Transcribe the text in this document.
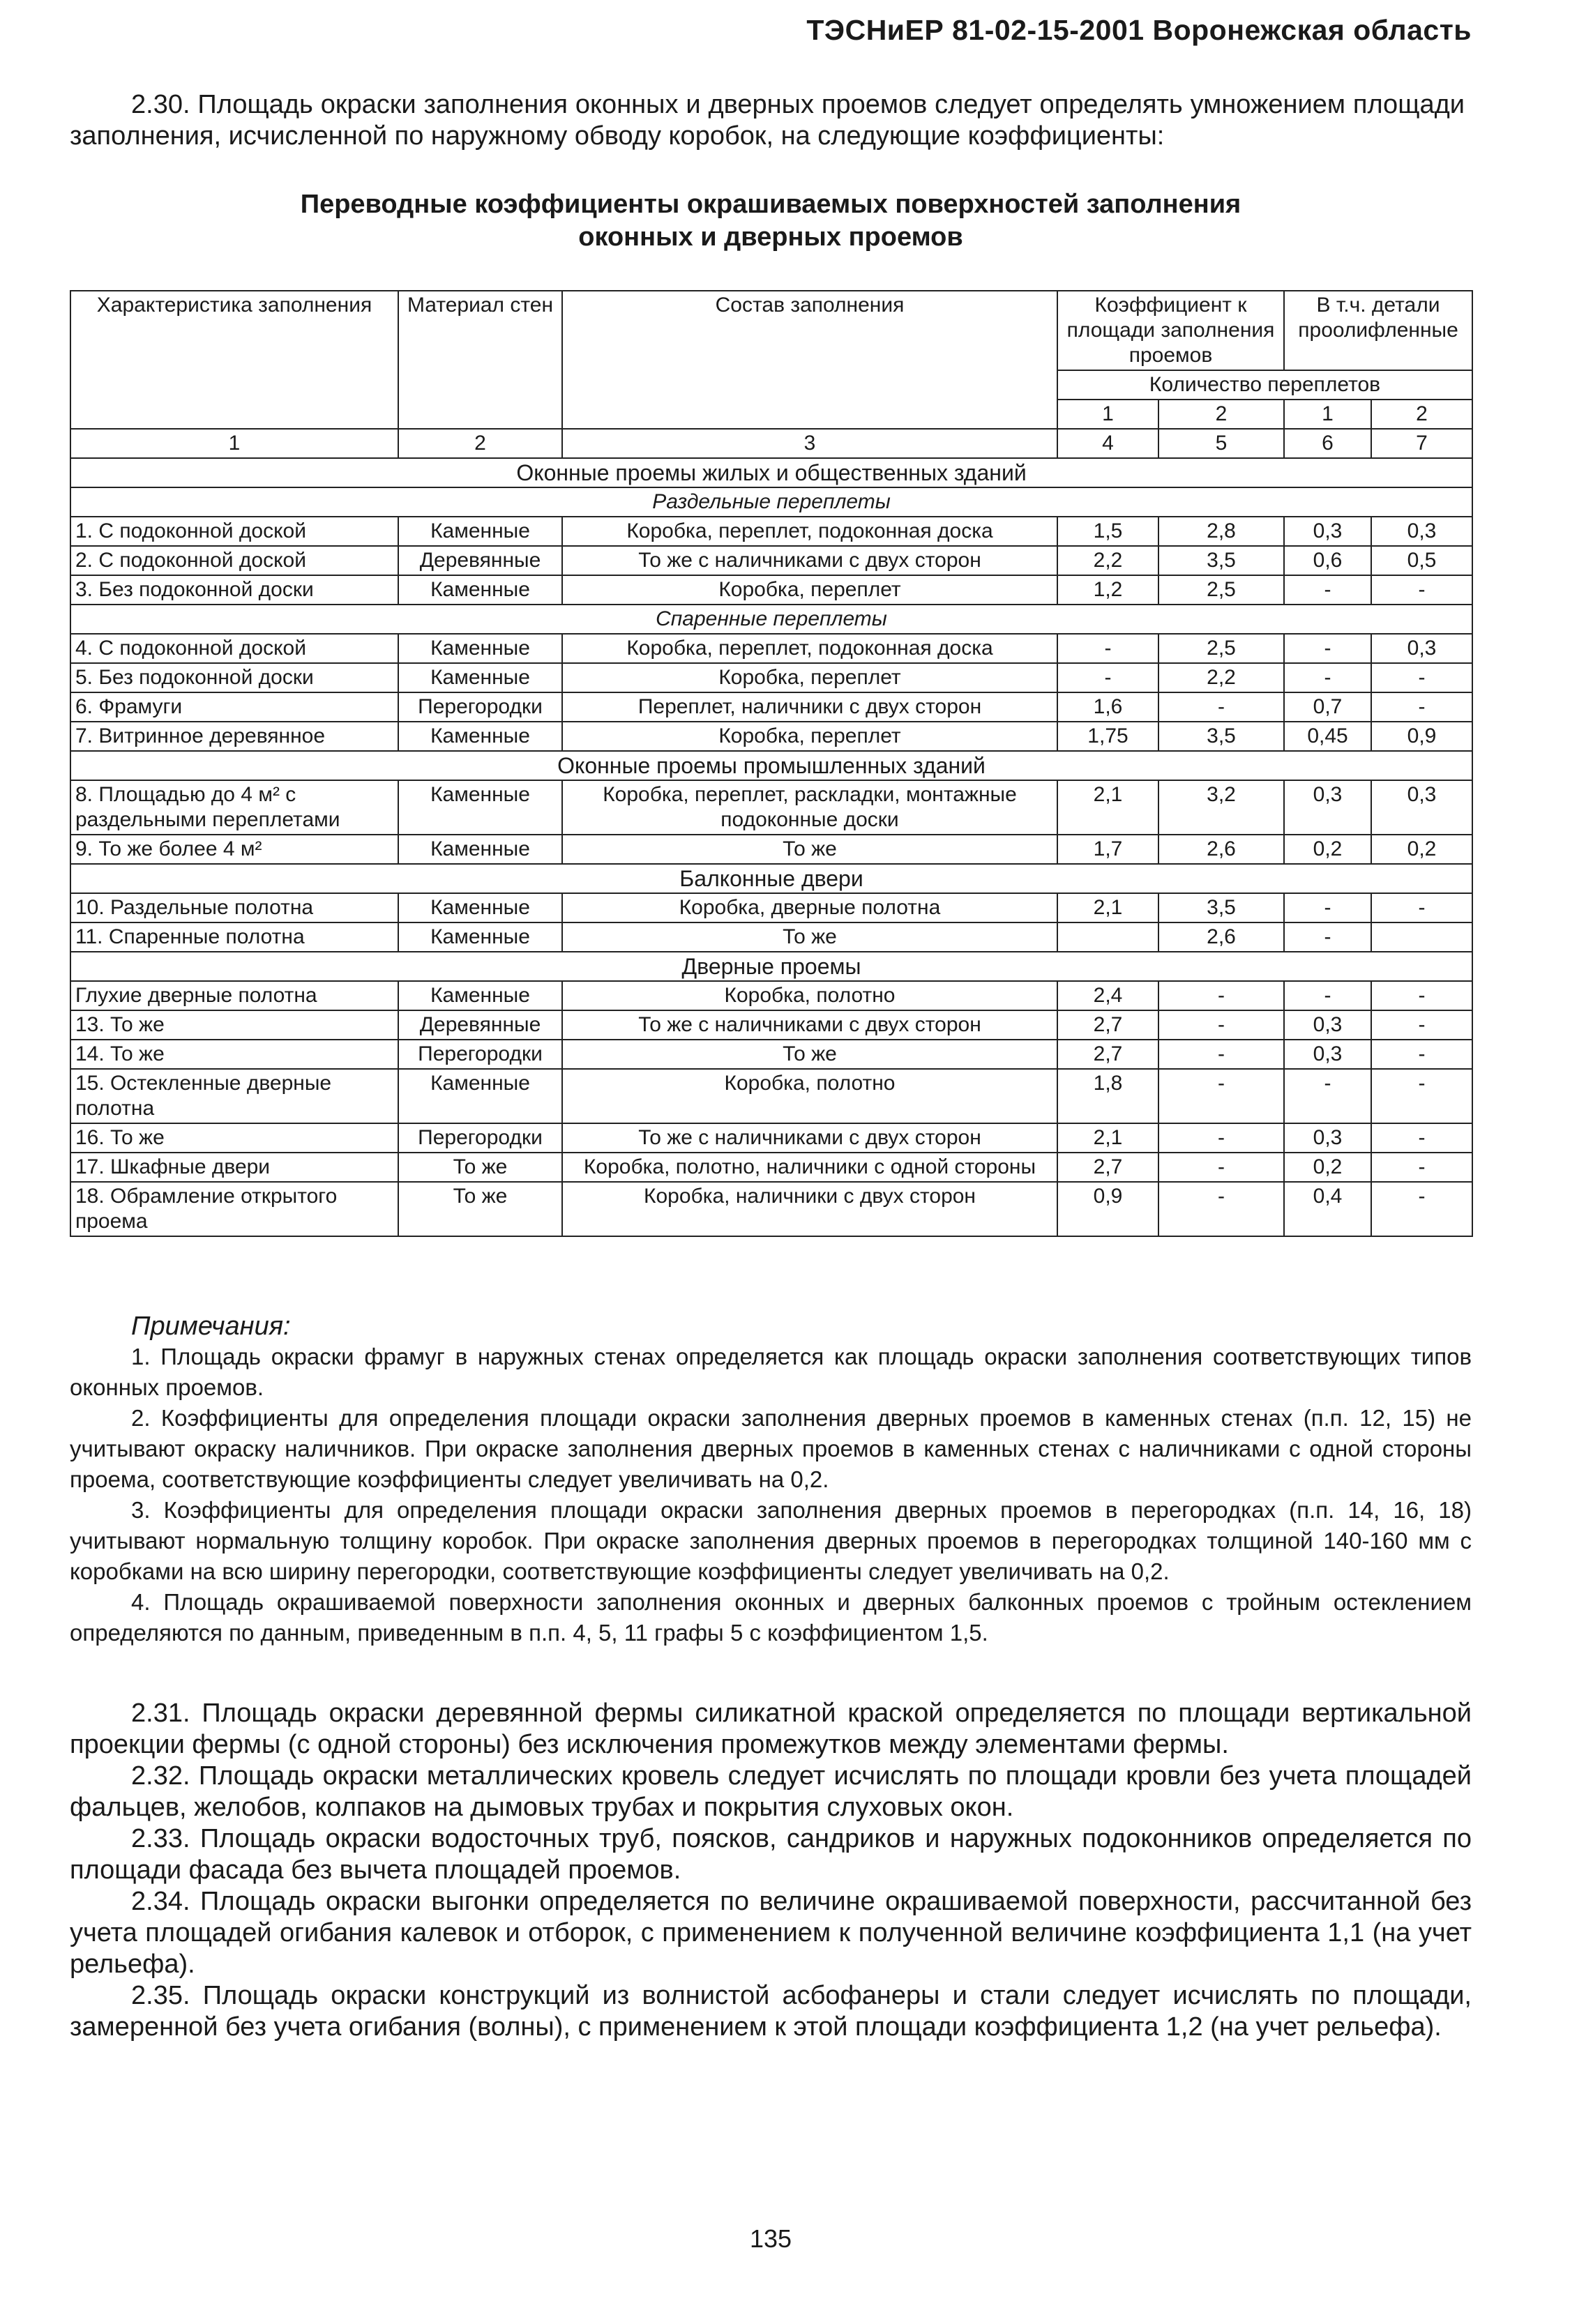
ТЭСНиЕР 81-02-15-2001 Воронежская область

2.30. Площадь окраски заполнения оконных и дверных проемов следует определять умножением площади заполнения, исчисленной по наружному обводу коробок, на следующие коэффициенты:

Переводные коэффициенты окрашиваемых поверхностей заполнения
оконных и дверных проемов
Характеристика заполнения	Материал стен	Состав заполнения	Коэффициент к площади заполнения проемов		В т.ч. детали проолифленные	
			Количество переплетов			
			1	2	1	2
1	2	3	4	5	6	7
Оконные проемы жилых и общественных зданий						
Раздельные переплеты						
1. С подоконной доской	Каменные	Коробка, переплет, подоконная доска	1,5	2,8	0,3	0,3
2. С подоконной доской	Деревянные	То же с наличниками с двух сторон	2,2	3,5	0,6	0,5
3. Без подоконной доски	Каменные	Коробка, переплет	1,2	2,5	-	-
Спаренные переплеты						
4. С подоконной доской	Каменные	Коробка, переплет, подоконная доска	-	2,5	-	0,3
5. Без подоконной доски	Каменные	Коробка, переплет	-	2,2	-	-
6. Фрамуги	Перегородки	Переплет, наличники с двух сторон	1,6	-	0,7	-
7. Витринное деревянное	Каменные	Коробка, переплет	1,75	3,5	0,45	0,9
Оконные проемы промышленных зданий						
8. Площадью до 4 м² с раздельными переплетами	Каменные	Коробка, переплет, раскладки, монтажные подоконные доски	2,1	3,2	0,3	0,3
9. То же более 4 м²	Каменные	То же	1,7	2,6	0,2	0,2
Балконные двери						
10. Раздельные полотна	Каменные	Коробка, дверные полотна	2,1	3,5	-	-
11. Спаренные полотна	Каменные	То же		2,6	-	
Дверные проемы						
Глухие дверные полотна	Каменные	Коробка, полотно	2,4	-	-	-
13. То же	Деревянные	То же с наличниками с двух сторон	2,7	-	0,3	-
14. То же	Перегородки	То же	2,7	-	0,3	-
15. Остекленные дверные полотна	Каменные	Коробка, полотно	1,8	-	-	-
16. То же	Перегородки	То же с наличниками с двух сторон	2,1	-	0,3	-
17. Шкафные двери	То же	Коробка, полотно, наличники с одной стороны	2,7	-	0,2	-
18. Обрамление открытого проема	То же	Коробка, наличники с двух сторон	0,9	-	0,4	-
Примечания:

1. Площадь окраски фрамуг в наружных стенах определяется как площадь окраски заполнения соответствующих типов оконных проемов.

2. Коэффициенты для определения площади окраски заполнения дверных проемов в каменных стенах (п.п. 12, 15) не учитывают окраску наличников. При окраске заполнения дверных проемов в каменных стенах с наличниками с одной стороны проема, соответствующие коэффициенты следует увеличивать на 0,2.

3. Коэффициенты для определения площади окраски заполнения дверных проемов в перегородках (п.п. 14, 16, 18) учитывают нормальную толщину коробок. При окраске заполнения дверных проемов в перегородках толщиной 140-160 мм с коробками на всю ширину перегородки, соответствующие коэффициенты следует увеличивать на 0,2.

4. Площадь окрашиваемой поверхности заполнения оконных и дверных балконных проемов с тройным остеклением определяются по данным, приведенным в п.п. 4, 5, 11 графы 5 с коэффициентом 1,5.

2.31. Площадь окраски деревянной фермы силикатной краской определяется по площади вертикальной проекции фермы (с одной стороны) без исключения промежутков между элементами фермы.

2.32. Площадь окраски металлических кровель следует исчислять по площади кровли без учета площадей фальцев, желобов, колпаков на дымовых трубах и покрытия слуховых окон.

2.33. Площадь окраски водосточных труб, поясков, сандриков и наружных подоконников определяется по площади фасада без вычета площадей проемов.

2.34. Площадь окраски выгонки определяется по величине окрашиваемой поверхности, рассчитанной без учета площадей огибания калевок и отборок, с применением к полученной величине коэффициента 1,1 (на учет рельефа).

2.35. Площадь окраски конструкций из волнистой асбофанеры и стали следует исчислять по площади, замеренной без учета огибания (волны), с применением к этой площади коэффициента 1,2 (на учет рельефа).

135
